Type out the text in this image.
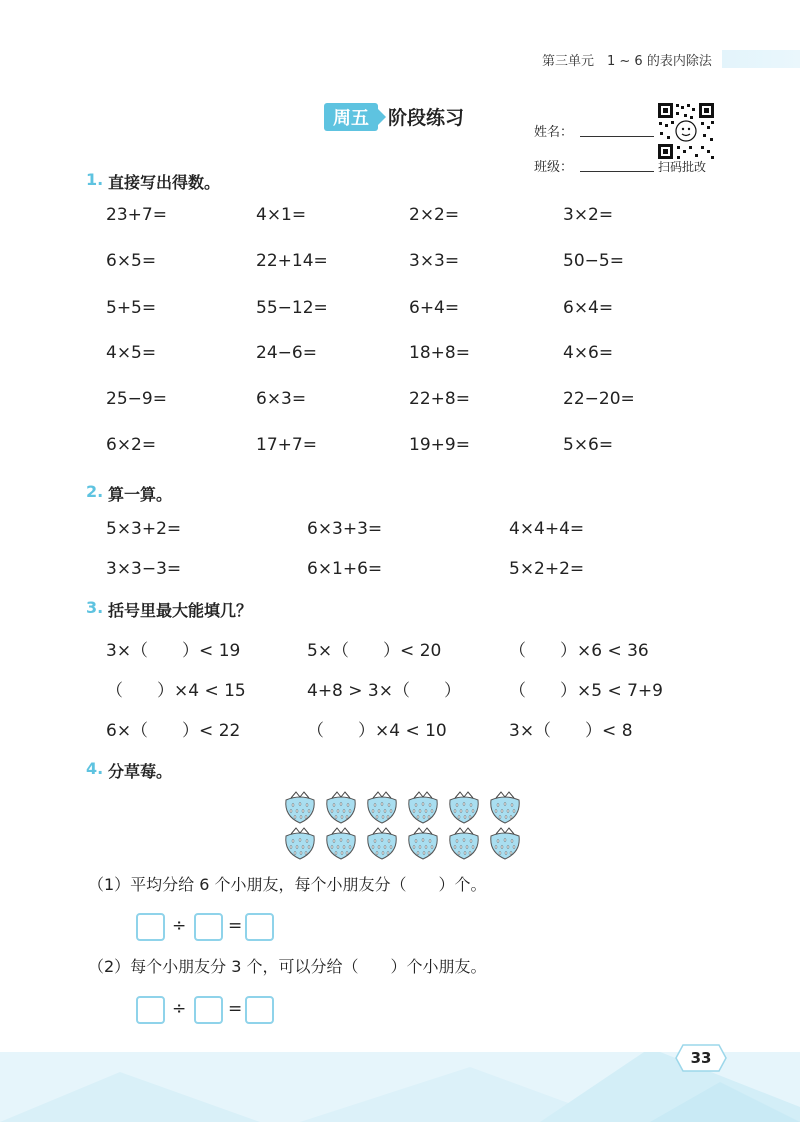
第三单元　1 ~ 6 的表内除法
周五	阶段练习
姓名：
班级：	扫码批改
1. 直接写出得数。
23+7=	4×1=	2×2=	3×2=
6×5=	22+14=	3×3=	50−5=
5+5=	55−12=	6+4=	6×4=
4×5=	24−6=	18+8=	4×6=
25−9=	6×3=	22+8=	22−20=
6×2=	17+7=	19+9=	5×6=
2. 算一算。
5×3+2=	6×3+3=	4×4+4=
3×3−3=	6×1+6=	5×2+2=
3. 括号里最大能填几？
3×（　　）< 19	5×（　　）< 20	（　　）×6 < 36
（　　）×4 < 15	4+8 > 3×（　　）	（　　）×5 < 7+9
6×（　　）< 22	（　　）×4 < 10	3×（　　）< 8
4. 分草莓。
（1）平均分给 6 个小朋友，每个小朋友分（　　）个。
÷ =
（2）每个小朋友分 3 个，可以分给（　　）个小朋友。
÷ =
33
